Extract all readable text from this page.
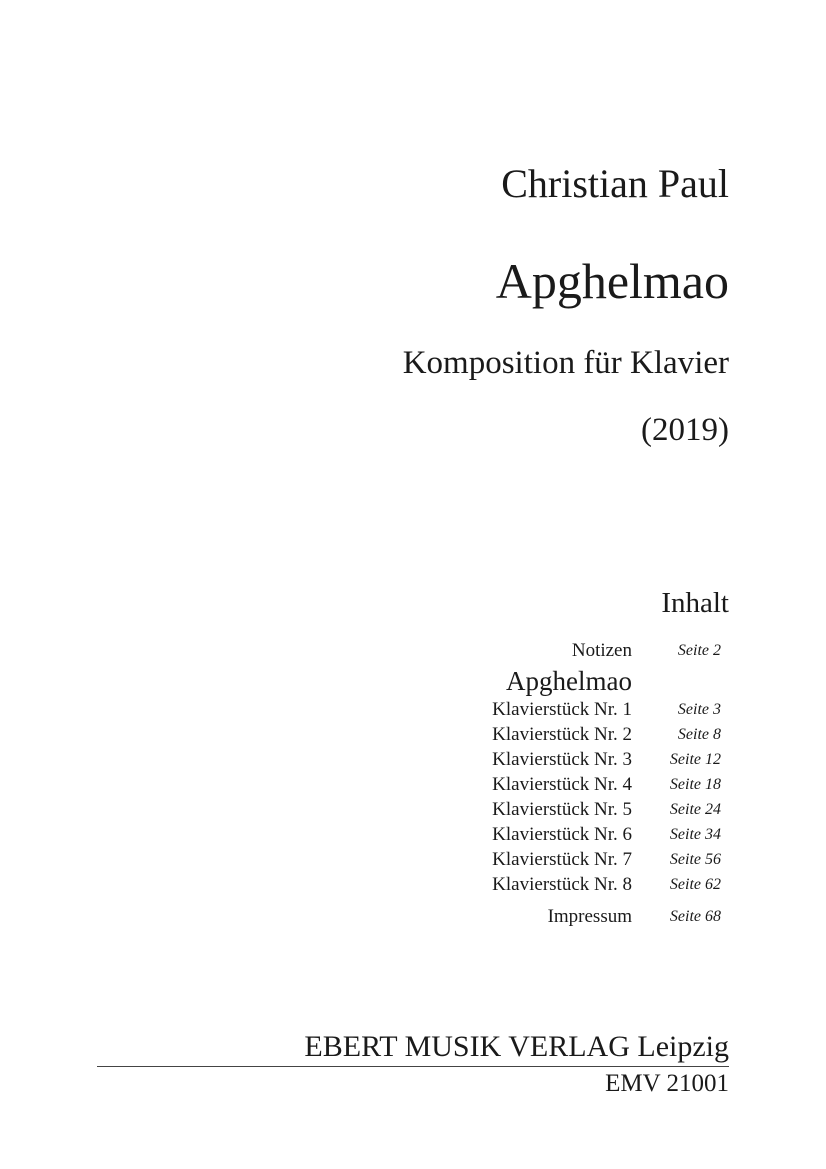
Christian Paul
Apghelmao
Komposition für Klavier
(2019)
Inhalt
Notizen	Seite 2
Apghelmao
Klavierstück Nr. 1	Seite 3
Klavierstück Nr. 2	Seite 8
Klavierstück Nr. 3 Seite 12
Klavierstück Nr. 4 Seite 18
Klavierstück Nr. 5 Seite 24
Klavierstück Nr. 6 Seite 34
Klavierstück Nr. 7 Seite 56
Klavierstück Nr. 8 Seite 62
Impressum Seite 68
EBERT MUSIK VERLAG Leipzig
EMV 21001
